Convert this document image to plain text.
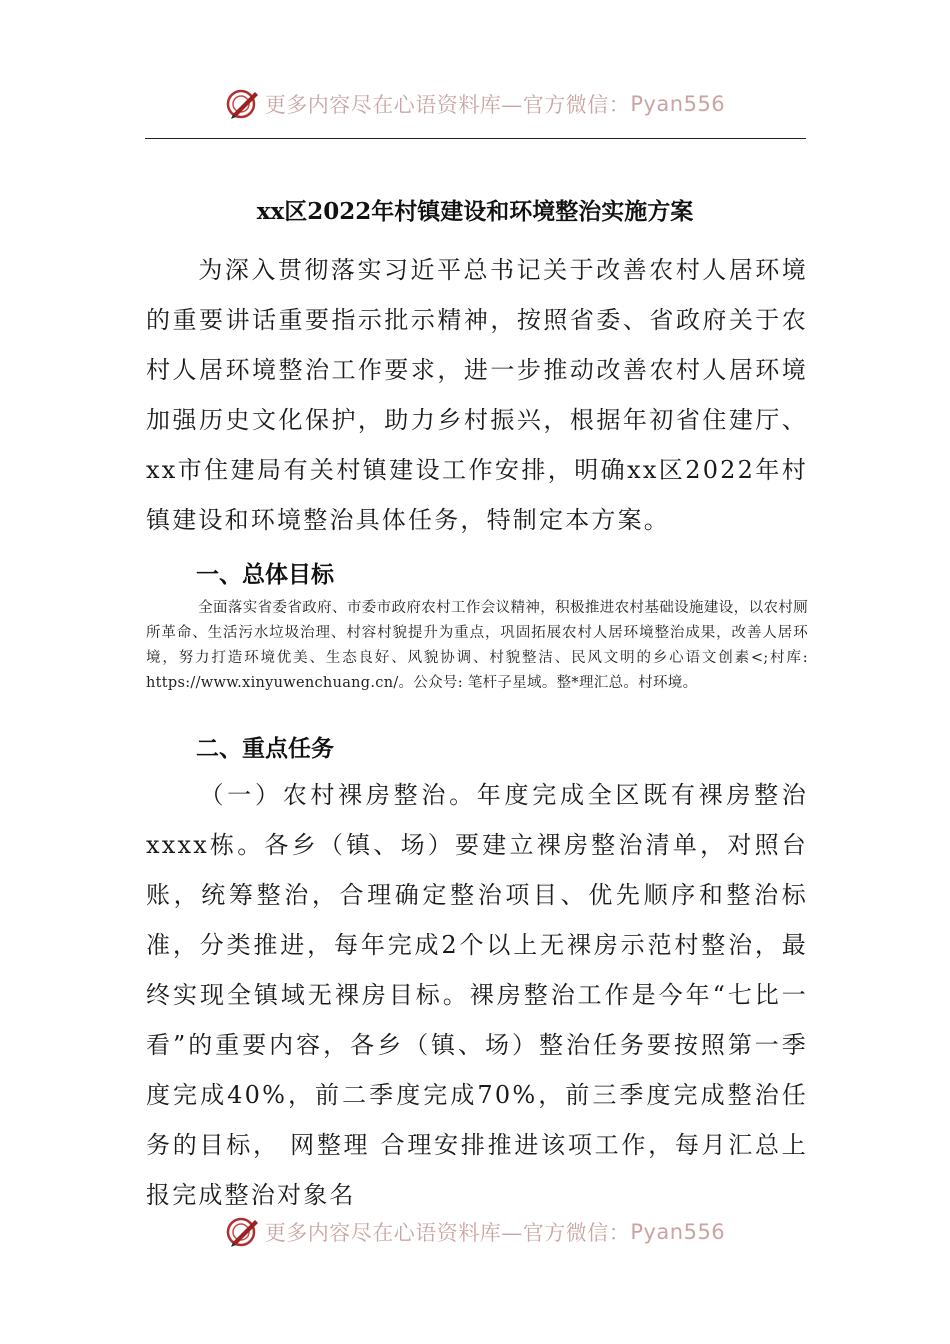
更多内容尽在心语资料库—官方微信： Pyan556
xx区2022年村镇建设和环境整治实施方案

为深入贯彻落实习近平总书记关于改善农村人居环境的重要讲话重要指示批示精神，按照省委、省政府关于农村人居环境整治工作要求，进一步推动改善农村人居环境加强历史文化保护，助力乡村振兴，根据年初省住建厅、xx市住建局有关村镇建设工作安排，明确xx区2022年村镇建设和环境整治具体任务，特制定本方案。

一、总体目标

全面落实省委省政府、市委市政府农村工作会议精神，积极推进农村基础设施建设，以农村厕所革命、生活污水垃圾治理、村容村貌提升为重点，巩固拓展农村人居环境整治成果，改善人居环境，努力打造环境优美、生态良好、风貌协调、村貌整洁、民风文明的乡心语文创素<;村库: https://www.xinyuwenchuang.cn/。公众号: 笔杆子星域。整*理汇总。村环境。

二、重点任务

（一）农村裸房整治。年度完成全区既有裸房整治xxxx栋。各乡（镇、场）要建立裸房整治清单，对照台账，统筹整治，合理确定整治项目、优先顺序和整治标准，分类推进，每年完成2个以上无裸房示范村整治，最终实现全镇域无裸房目标。裸房整治工作是今年“七比一看”的重要内容，各乡（镇、场）整治任务要按照第一季度完成40%，前二季度完成70%，前三季度完成整治任务的目标， 网整理 合理安排推进该项工作，每月汇总上报完成整治对象名

更多内容尽在心语资料库—官方微信： Pyan556
